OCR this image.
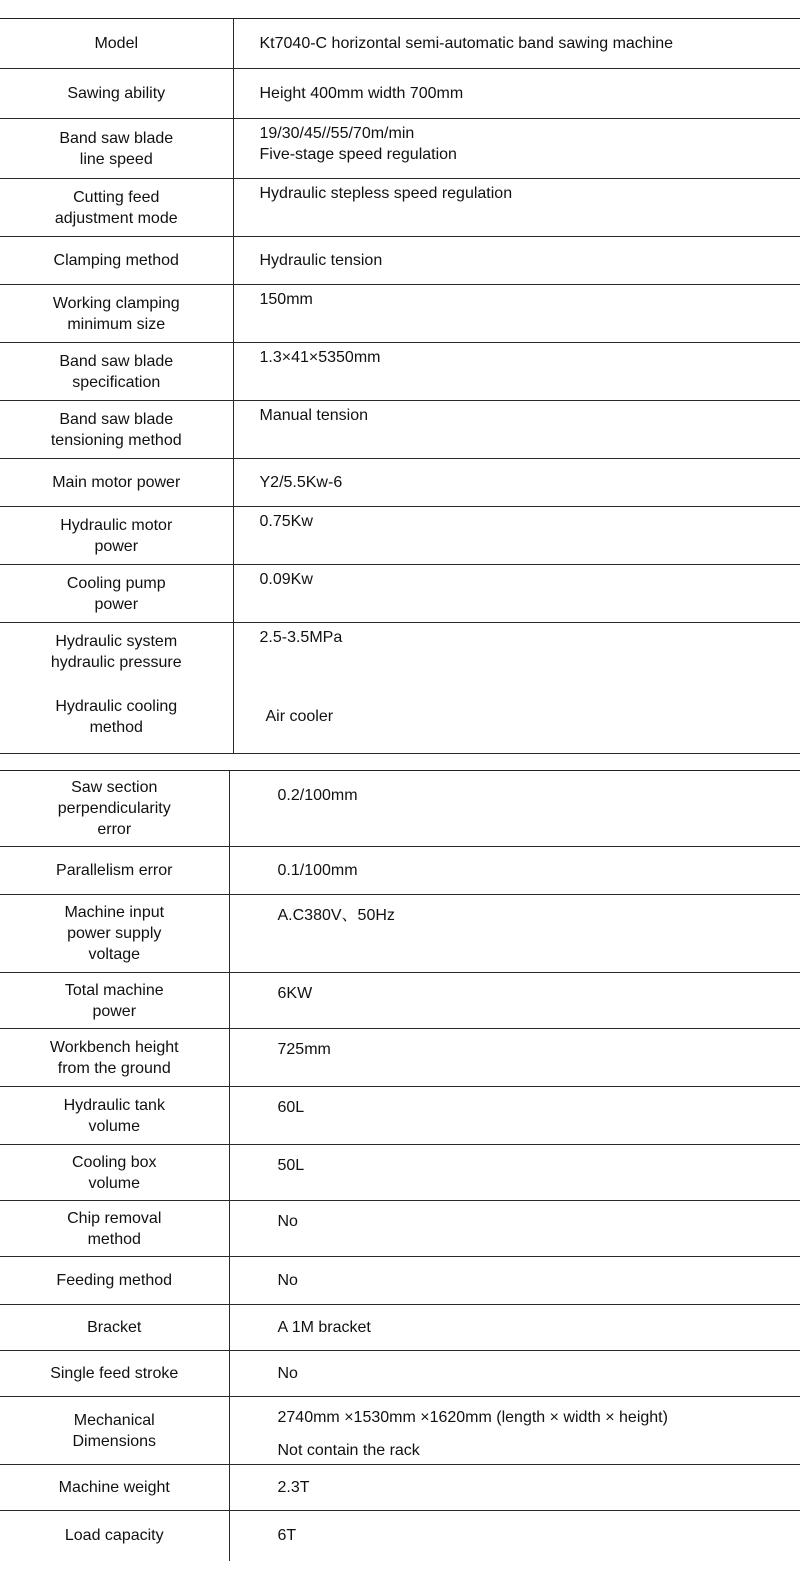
Model	Kt7040-C horizontal semi-automatic band sawing machine

Sawing ability	Height 400mm width 700mm

Band saw blade
line speed	19/30/45//55/70m/min
Five-stage speed regulation

Cutting feed
adjustment mode	Hydraulic stepless speed regulation

Clamping method	Hydraulic tension

Working clamping
minimum size	150mm

Band saw blade
specification	1.3×41×5350mm

Band saw blade
tensioning method	Manual tension

Main motor power	Y2/5.5Kw-6

Hydraulic motor
power	0.75Kw

Cooling pump
power	0.09Kw

Hydraulic system
hydraulic pressure	2.5-3.5MPa

Hydraulic cooling
method	Air cooler
Saw section
perpendicularity
error	0.2/100mm

Parallelism error	0.1/100mm

Machine input
power supply
voltage	A.C380V、50Hz

Total machine
power	6KW

Workbench height
from the ground	725mm

Hydraulic tank
volume	60L

Cooling box
volume	50L

Chip removal
method	No

Feeding method	No

Bracket	A 1M bracket

Single feed stroke	No

Mechanical
Dimensions	2740mm ×1530mm ×1620mm (length × width × height)
Not contain the rack

Machine weight	2.3T

Load capacity	6T
